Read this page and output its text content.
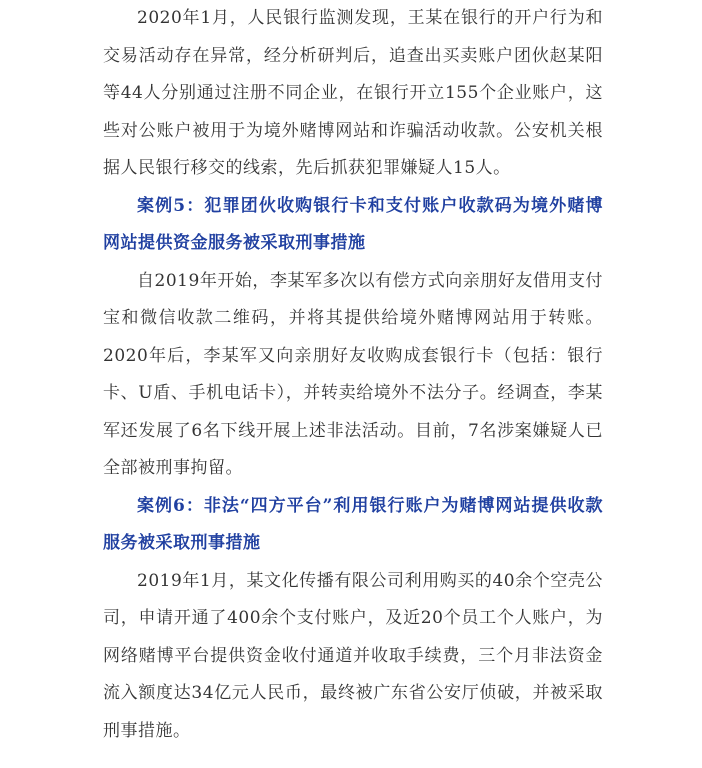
2020年1月，人民银行监测发现，王某在银行的开户行为和交易活动存在异常，经分析研判后，追查出买卖账户团伙赵某阳等44人分别通过注册不同企业，在银行开立155个企业账户，这些对公账户被用于为境外赌博网站和诈骗活动收款。公安机关根据人民银行移交的线索，先后抓获犯罪嫌疑人15人。

案例5：犯罪团伙收购银行卡和支付账户收款码为境外赌博网站提供资金服务被采取刑事措施

自2019年开始，李某军多次以有偿方式向亲朋好友借用支付宝和微信收款二维码，并将其提供给境外赌博网站用于转账。2020年后，李某军又向亲朋好友收购成套银行卡（包括：银行卡、U盾、手机电话卡），并转卖给境外不法分子。经调查，李某军还发展了6名下线开展上述非法活动。目前，7名涉案嫌疑人已全部被刑事拘留。

案例6：非法“四方平台”利用银行账户为赌博网站提供收款服务被采取刑事措施

2019年1月，某文化传播有限公司利用购买的40余个空壳公司，申请开通了400余个支付账户，及近20个员工个人账户，为网络赌博平台提供资金收付通道并收取手续费，三个月非法资金流入额度达34亿元人民币，最终被广东省公安厅侦破，并被采取刑事措施。
